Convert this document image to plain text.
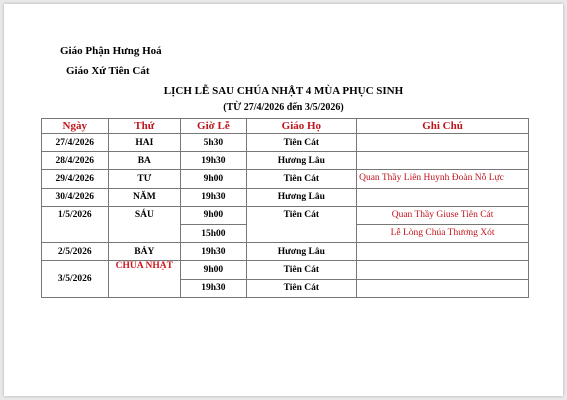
Giáo Phận Hưng Hoá
Giáo Xứ Tiên Cát
LỊCH LỄ SAU CHÚA NHẬT 4 MÙA PHỤC SINH
(TỪ 27/4/2026 đến 3/5/2026)
Ngày	Thứ	Giờ Lễ	Giáo Họ	Ghi Chú
27/4/2026	HAI	5h30	Tiên Cát	
28/4/2026	BA	19h30	Hương Lâu	
29/4/2026	TƯ	9h00	Tiên Cát	Quan Thầy Liên Huynh Đoàn Nỗ Lực
30/4/2026	NĂM	19h30	Hương Lâu	
1/5/2026	SÁU	9h00	Tiên Cát	Quan Thầy Giuse Tiên Cát
		15h00		Lễ Lòng Chúa Thương Xót
2/5/2026	BẢY	19h30	Hương Lâu	
3/5/2026	CHÚA NHẬT	9h00	Tiên Cát	
		19h30	Tiên Cát	
